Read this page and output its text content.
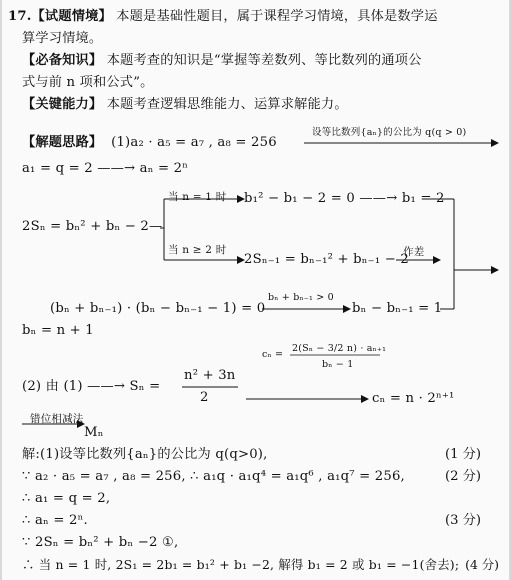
17.【试题情境】 本题是基础性题目，属于课程学习情境，具体是数学运
算学习情境。
【必备知识】 本题考查的知识是“掌握等差数列、等比数列的通项公
式与前 n 项和公式”。
【关键能力】 本题考查逻辑思维能力、运算求解能力。
【解题思路】 (1)a₂ · a₅ = a₇ , a₈ = 256
设等比数列{aₙ}的公比为 q(q > 0)
a₁ = q = 2 ——→ aₙ = 2ⁿ
2Sₙ = bₙ² + bₙ − 2—
当 n = 1 时 b₁² − b₁ − 2 = 0 ——→ b₁ = 2
当 n ≥ 2 时
2Sₙ₋₁ = bₙ₋₁² + bₙ₋₁ − 2
作差
(bₙ + bₙ₋₁) · (bₙ − bₙ₋₁ − 1) = 0
bₙ + bₙ₋₁ > 0
bₙ − bₙ₋₁ = 1
bₙ = n + 1
(2) 由 (1) ——→ Sₙ =
n² + 3n
2
cₙ =
2(Sₙ − 3/2 n) · aₙ₊₁
bₙ − 1
cₙ = n · 2ⁿ⁺¹
错位相减法
Mₙ
解:(1)设等比数列{aₙ}的公比为 q(q>0),	(1 分)
∵ a₂ · a₅ = a₇ , a₈ = 256, ∴ a₁q · a₁q⁴ = a₁q⁶ , a₁q⁷ = 256,	(2 分)
∴ a₁ = q = 2,
∴ aₙ = 2ⁿ.	(3 分)
∵ 2Sₙ = bₙ² + bₙ −2 ①,
∴ 当 n = 1 时, 2S₁ = 2b₁ = b₁² + b₁ −2, 解得 b₁ = 2 或 b₁ = −1(舍去); (4 分)
